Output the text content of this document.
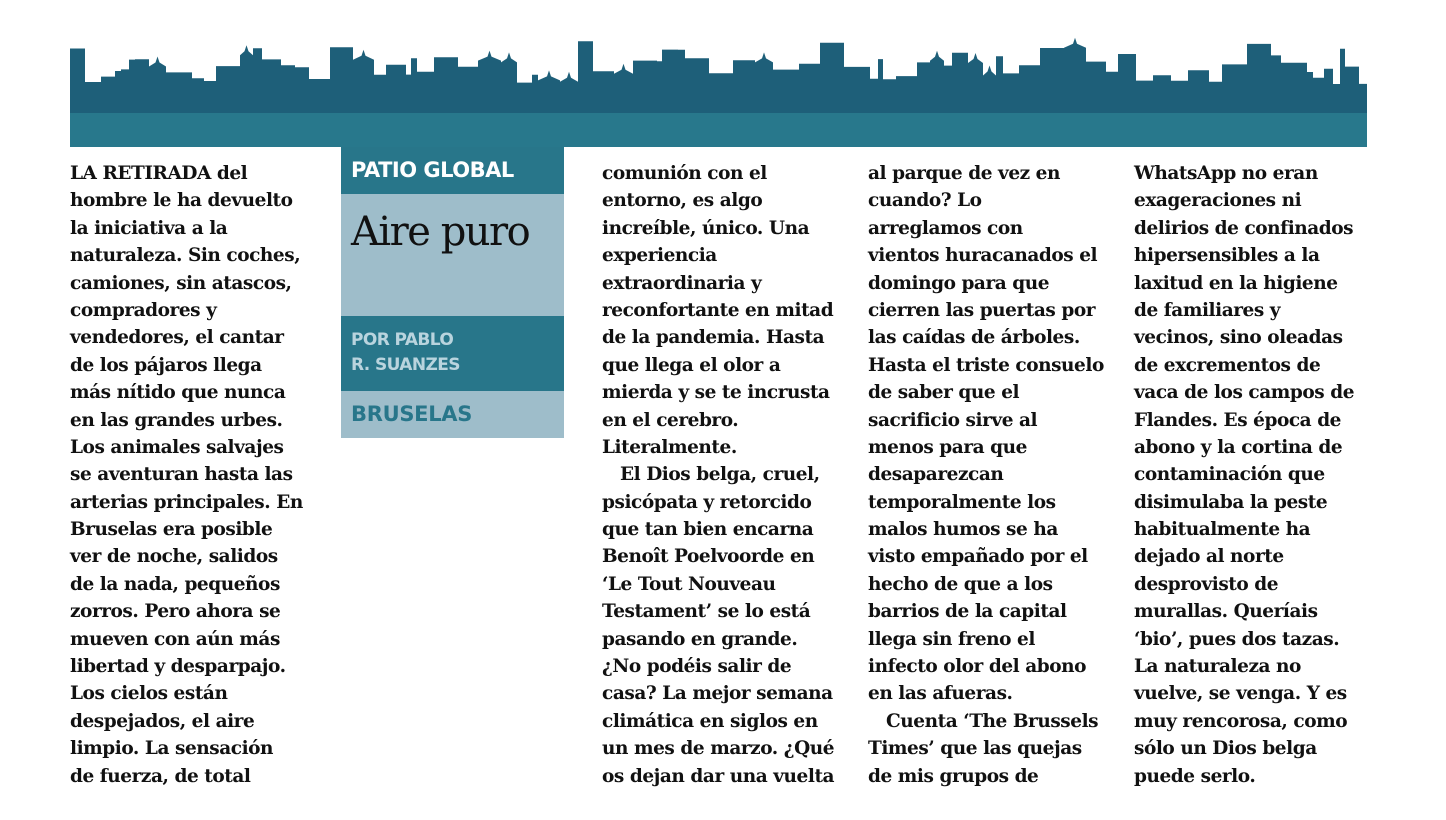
PATIO GLOBAL
Aire puro
POR PABLO
R. SUANZES
BRUSELAS
LA RETIRADA del
hombre le ha devuelto
la iniciativa a la
naturaleza. Sin coches,
camiones, sin atascos,
compradores y
vendedores, el cantar
de los pájaros llega
más nítido que nunca
en las grandes urbes.
Los animales salvajes
se aventuran hasta las
arterias principales. En
Bruselas era posible
ver de noche, salidos
de la nada, pequeños
zorros. Pero ahora se
mueven con aún más
libertad y desparpajo.
Los cielos están
despejados, el aire
limpio. La sensación
de fuerza, de total
comunión con el
entorno, es algo
increíble, único. Una
experiencia
extraordinaria y
reconfortante en mitad
de la pandemia. Hasta
que llega el olor a
mierda y se te incrusta
en el cerebro.
Literalmente.
El Dios belga, cruel,
psicópata y retorcido
que tan bien encarna
Benoît Poelvoorde en
‘Le Tout Nouveau
Testament’ se lo está
pasando en grande.
¿No podéis salir de
casa? La mejor semana
climática en siglos en
un mes de marzo. ¿Qué
os dejan dar una vuelta
al parque de vez en
cuando? Lo
arreglamos con
vientos huracanados el
domingo para que
cierren las puertas por
las caídas de árboles.
Hasta el triste consuelo
de saber que el
sacrificio sirve al
menos para que
desaparezcan
temporalmente los
malos humos se ha
visto empañado por el
hecho de que a los
barrios de la capital
llega sin freno el
infecto olor del abono
en las afueras.
Cuenta ‘The Brussels
Times’ que las quejas
de mis grupos de
WhatsApp no eran
exageraciones ni
delirios de confinados
hipersensibles a la
laxitud en la higiene
de familiares y
vecinos, sino oleadas
de excrementos de
vaca de los campos de
Flandes. Es época de
abono y la cortina de
contaminación que
disimulaba la peste
habitualmente ha
dejado al norte
desprovisto de
murallas. Queríais
‘bio’, pues dos tazas.
La naturaleza no
vuelve, se venga. Y es
muy rencorosa, como
sólo un Dios belga
puede serlo.
